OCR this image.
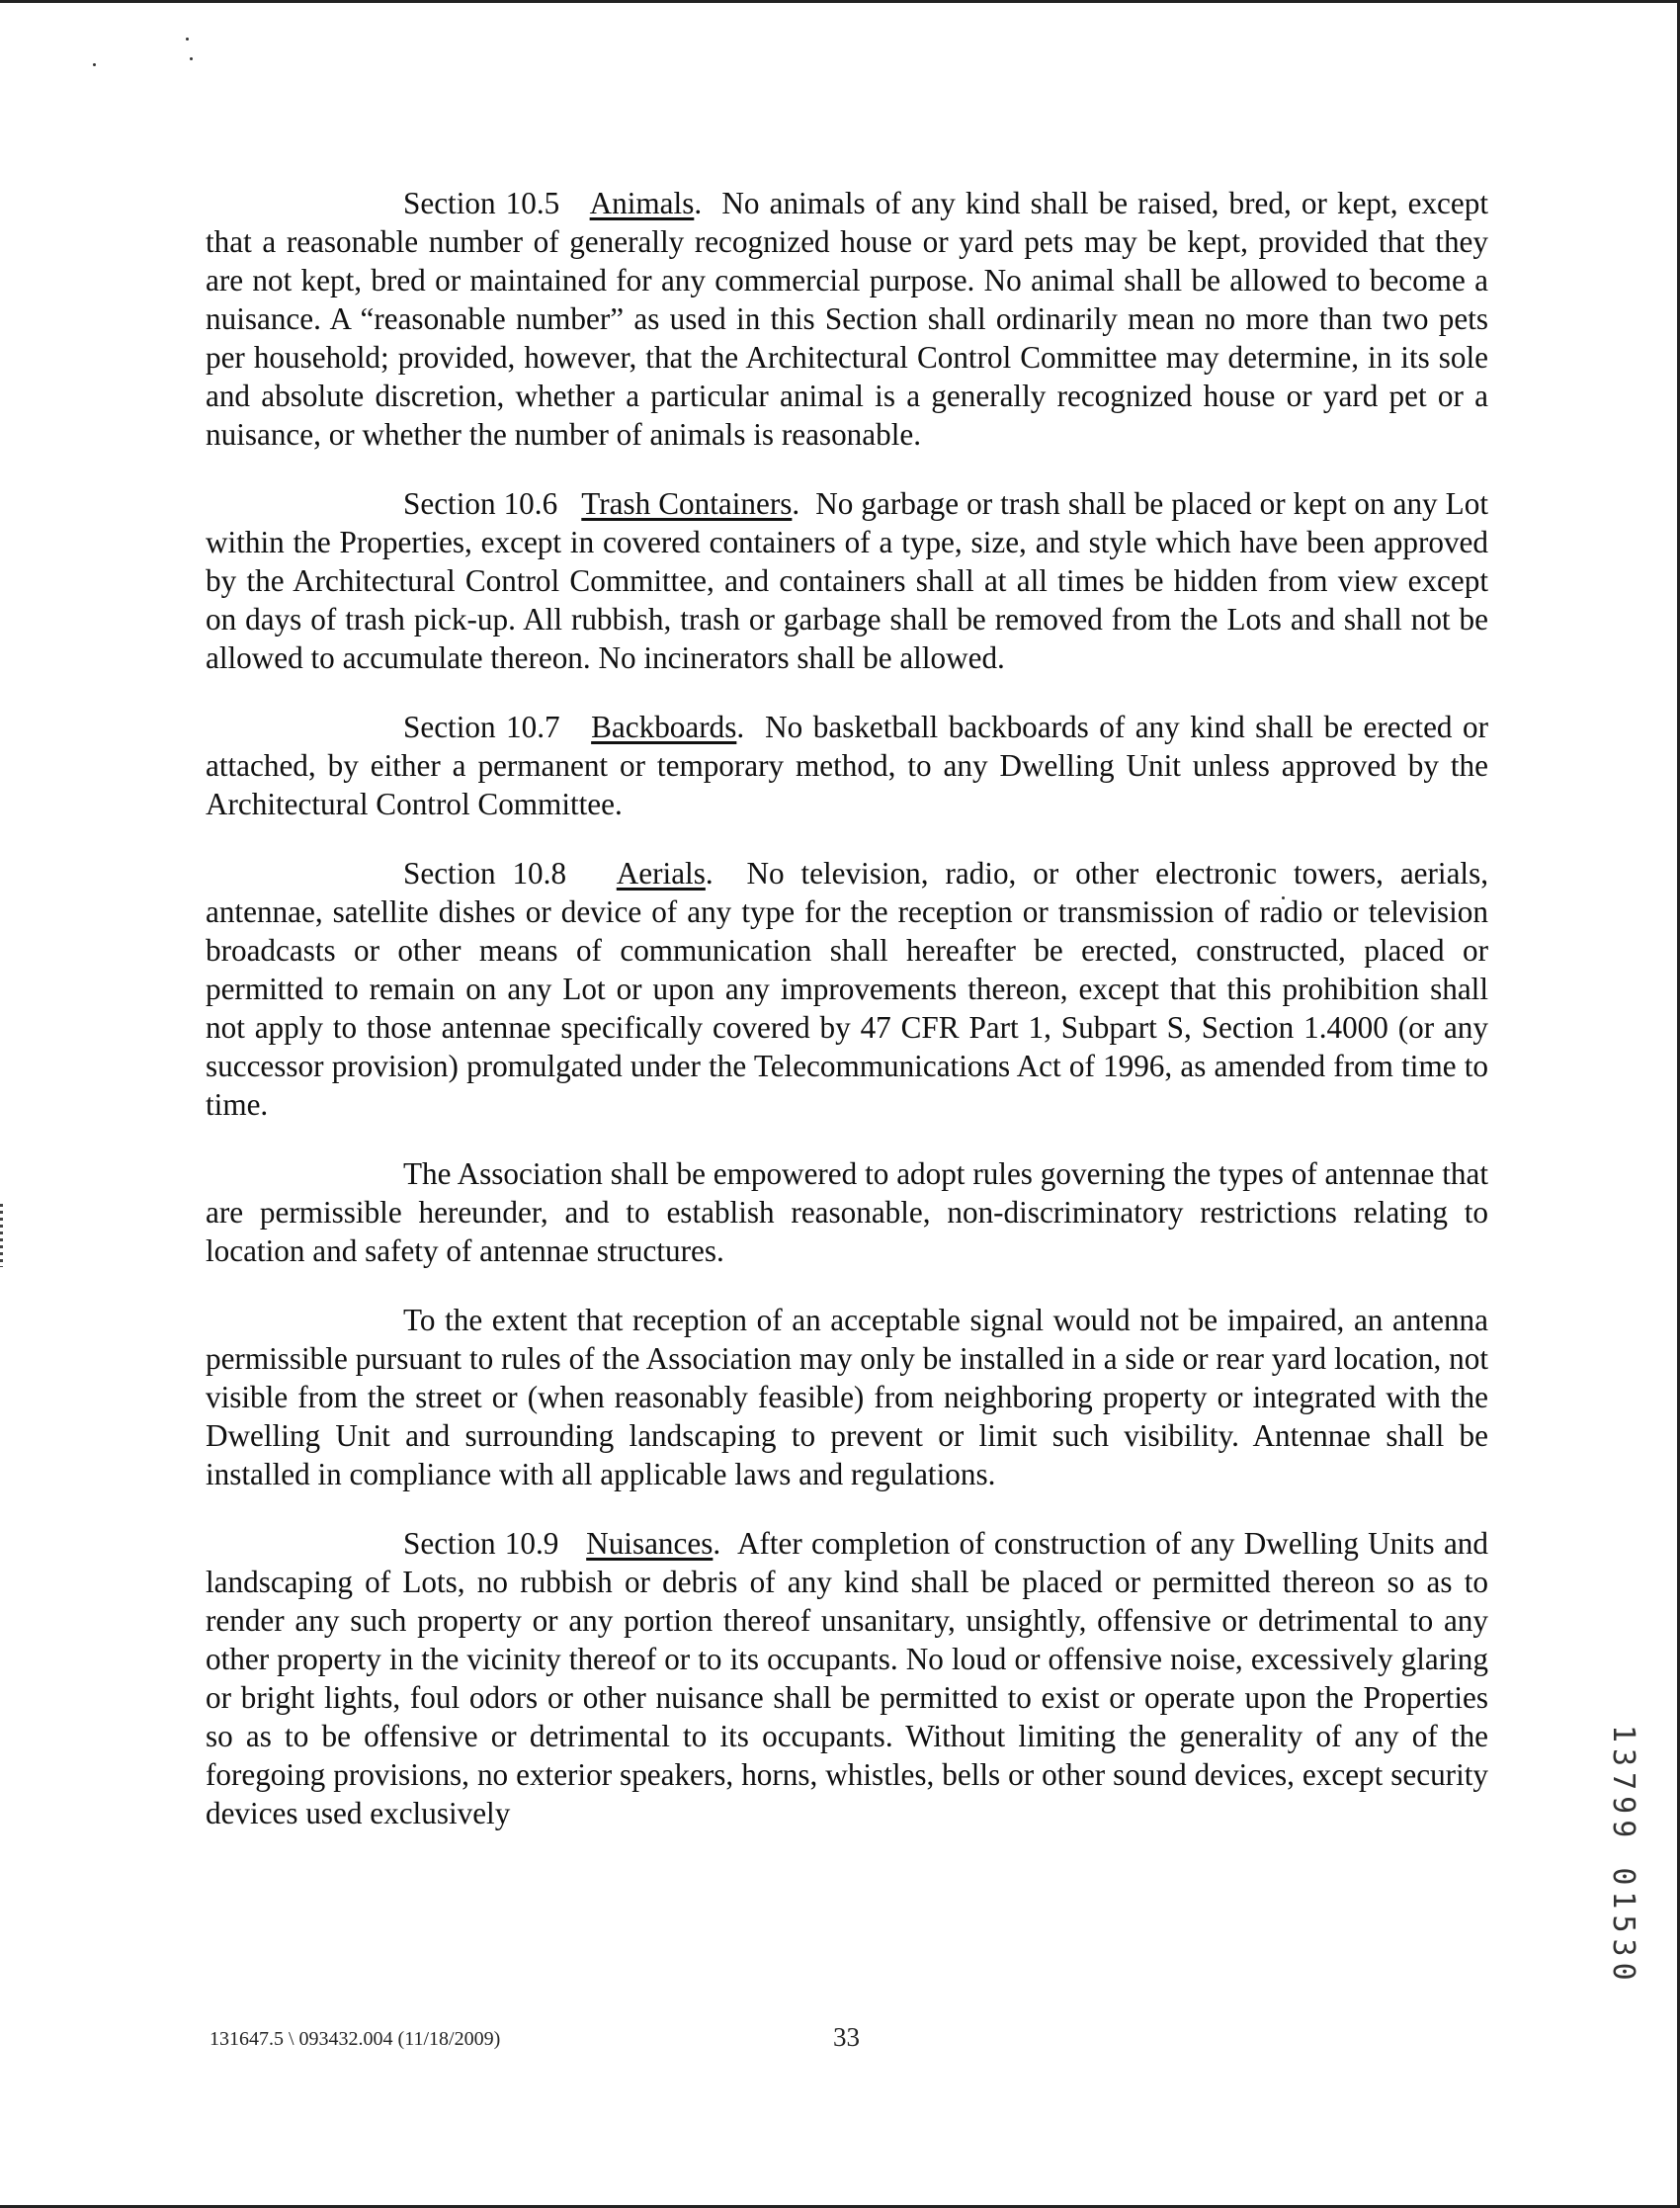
Section 10.5 Animals.  No animals of any kind shall be raised, bred, or kept, except that a reasonable number of generally recognized house or yard pets may be kept, provided that they are not kept, bred or maintained for any commercial purpose. No animal shall be allowed to become a nuisance. A “reasonable number” as used in this Section shall ordinarily mean no more than two pets per household; provided, however, that the Architectural Control Committee may determine, in its sole and absolute discretion, whether a particular animal is a generally recognized house or yard pet or a nuisance, or whether the number of animals is reasonable.

Section 10.6 Trash Containers.  No garbage or trash shall be placed or kept on any Lot within the Properties, except in covered containers of a type, size, and style which have been approved by the Architectural Control Committee, and containers shall at all times be hidden from view except on days of trash pick-up. All rubbish, trash or garbage shall be removed from the Lots and shall not be allowed to accumulate thereon. No incinerators shall be allowed.

Section 10.7 Backboards.  No basketball backboards of any kind shall be erected or attached, by either a permanent or temporary method, to any Dwelling Unit unless approved by the Architectural Control Committee.

Section 10.8 Aerials.  No television, radio, or other electronic towers, aerials, antennae, satellite dishes or device of any type for the reception or transmission of radio or television broadcasts or other means of communication shall hereafter be erected, constructed, placed or permitted to remain on any Lot or upon any improvements thereon, except that this prohibition shall not apply to those antennae specifically covered by 47 CFR Part 1, Subpart S, Section 1.4000 (or any successor provision) promulgated under the Telecommunications Act of 1996, as amended from time to time.

The Association shall be empowered to adopt rules governing the types of antennae that are permissible hereunder, and to establish reasonable, non-discriminatory restrictions relating to location and safety of antennae structures.

To the extent that reception of an acceptable signal would not be impaired, an antenna permissible pursuant to rules of the Association may only be installed in a side or rear yard location, not visible from the street or (when reasonably feasible) from neighboring property or integrated with the Dwelling Unit and surrounding landscaping to prevent or limit such visibility. Antennae shall be installed in compliance with all applicable laws and regulations.

Section 10.9 Nuisances.  After completion of construction of any Dwelling Units and landscaping of Lots, no rubbish or debris of any kind shall be placed or permitted thereon so as to render any such property or any portion thereof unsanitary, unsightly, offensive or detrimental to any other property in the vicinity thereof or to its occupants. No loud or offensive noise, excessively glaring or bright lights, foul odors or other nuisance shall be permitted to exist or operate upon the Properties so as to be offensive or detrimental to its occupants. Without limiting the generality of any of the foregoing provisions, no exterior speakers, horns, whistles, bells or other sound devices, except security devices used exclusively

131647.5 \ 093432.004 (11/18/2009)	33
13799 01530
